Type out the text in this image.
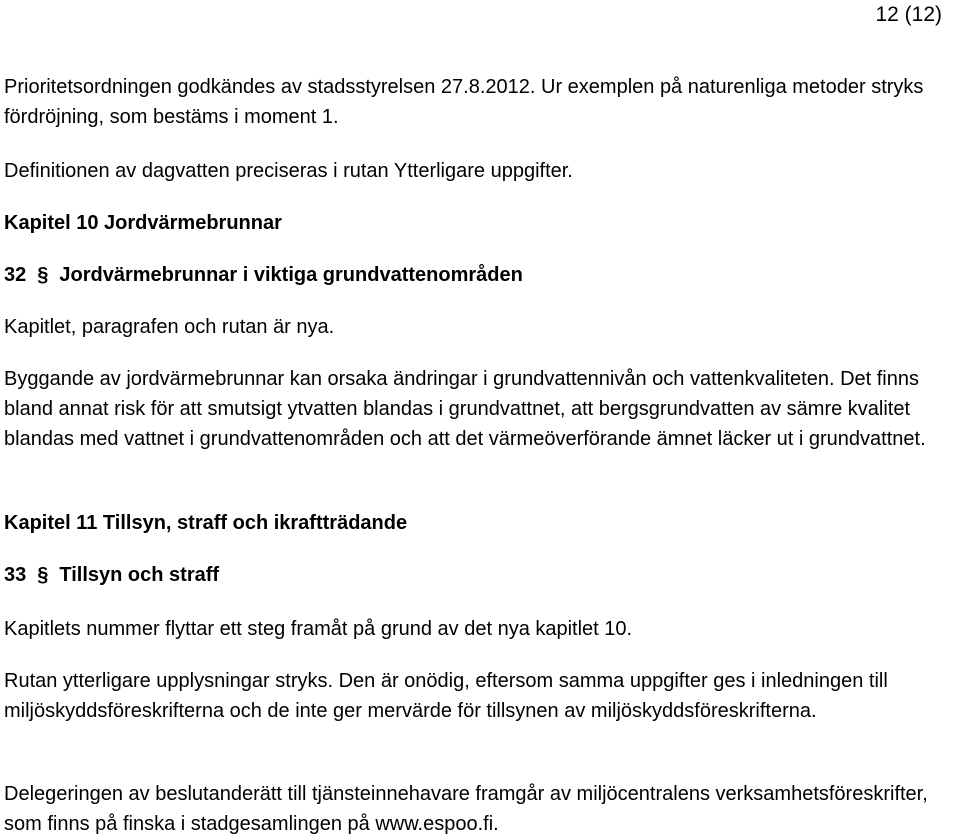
12 (12)

Prioritetsordningen godkändes av stadsstyrelsen 27.8.2012. Ur exemplen på naturenliga metoder stryks fördröjning, som bestäms i moment 1.

Definitionen av dagvatten preciseras i rutan Ytterligare uppgifter.

Kapitel 10 Jordvärmebrunnar

32 § Jordvärmebrunnar i viktiga grundvattenområden

Kapitlet, paragrafen och rutan är nya.

Byggande av jordvärmebrunnar kan orsaka ändringar i grundvattennivån och vattenkvaliteten. Det finns bland annat risk för att smutsigt ytvatten blandas i grundvattnet, att bergsgrundvatten av sämre kvalitet blandas med vattnet i grundvattenområden och att det värmeöverförande ämnet läcker ut i grundvattnet.

Kapitel 11 Tillsyn, straff och ikraftträdande

33 § Tillsyn och straff

Kapitlets nummer flyttar ett steg framåt på grund av det nya kapitlet 10.

Rutan ytterligare upplysningar stryks. Den är onödig, eftersom samma uppgifter ges i inledningen till miljöskyddsföreskrifterna och de inte ger mervärde för tillsynen av miljöskyddsföreskrifterna.

Delegeringen av beslutanderätt till tjänsteinnehavare framgår av miljöcentralens verksamhetsföreskrifter, som finns på finska i stadgesamlingen på www.espoo.fi.
